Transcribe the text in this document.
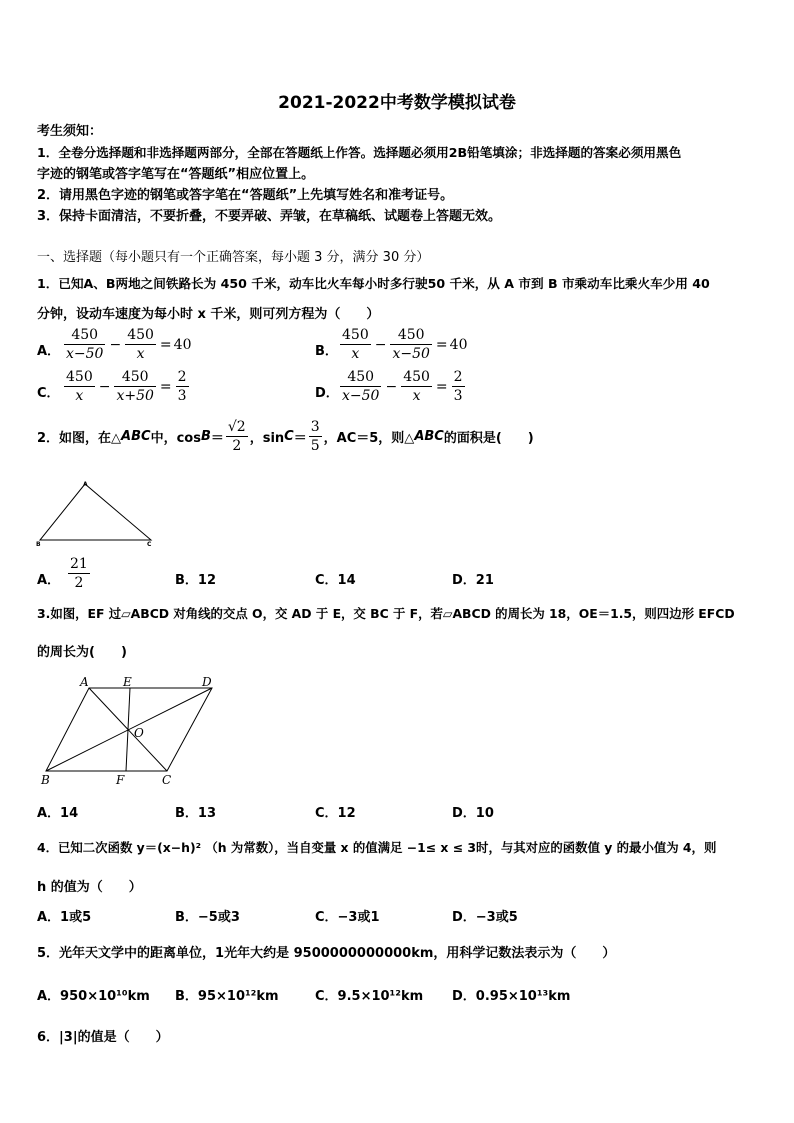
2021-2022中考数学模拟试卷
考生须知：
1．全卷分选择题和非选择题两部分，全部在答题纸上作答。选择题必须用2B铅笔填涂；非选择题的答案必须用黑色
字迹的钢笔或答字笔写在“答题纸”相应位置上。
2．请用黑色字迹的钢笔或答字笔在“答题纸”上先填写姓名和准考证号。
3．保持卡面清洁，不要折叠，不要弄破、弄皱，在草稿纸、试题卷上答题无效。
一、选择题（每小题只有一个正确答案，每小题 3 分，满分 30 分）
1．已知A、B两地之间铁路长为 450 千米，动车比火车每小时多行驶50 千米，从 A 市到 B 市乘动车比乘火车少用 40
分钟，设动车速度为每小时 x 千米，则可列方程为（　　）
A． $\frac{450}{x-50} - \frac{450}{x} = 40$	B． $\frac{450}{x} - \frac{450}{x-50} = 40$
C． $\frac{450}{x} - \frac{450}{x+50} = \frac{2}{3}$	D． $\frac{450}{x-50} - \frac{450}{x} = \frac{2}{3}$
2．如图，在△ ABC 中，$\cos B = \frac{√2}{2}$ ，$\sin C = \frac{3}{5}$ ，AC＝5，则△ ABC 的面积是(　　)
A
B	C
A． $\frac{21}{2}$	B．12	C．14	D．21
3.如图，EF 过▱ABCD 对角线的交点 O，交 AD 于 E，交 BC 于 F，若▱ABCD 的周长为 18，OE＝1.5，则四边形 EFCD
的周长为(　　)
A	E	D
O
B	F	C
A．14	B．13	C．12	D．10
4．已知二次函数 y＝(x−h)² （h 为常数），当自变量 x 的值满足 −1≤ x ≤ 3时，与其对应的函数值 y 的最小值为 4，则
h 的值为（　　）
A．1或5	B．−5或3	C．−3或1	D．−3或5
5．光年天文学中的距离单位，1光年大约是 9500000000000km，用科学记数法表示为（　　）
A．950×10¹⁰km B．95×10¹²km	C．9.5×10¹²km D．0.95×10¹³km
6．|3|的值是（　　）
